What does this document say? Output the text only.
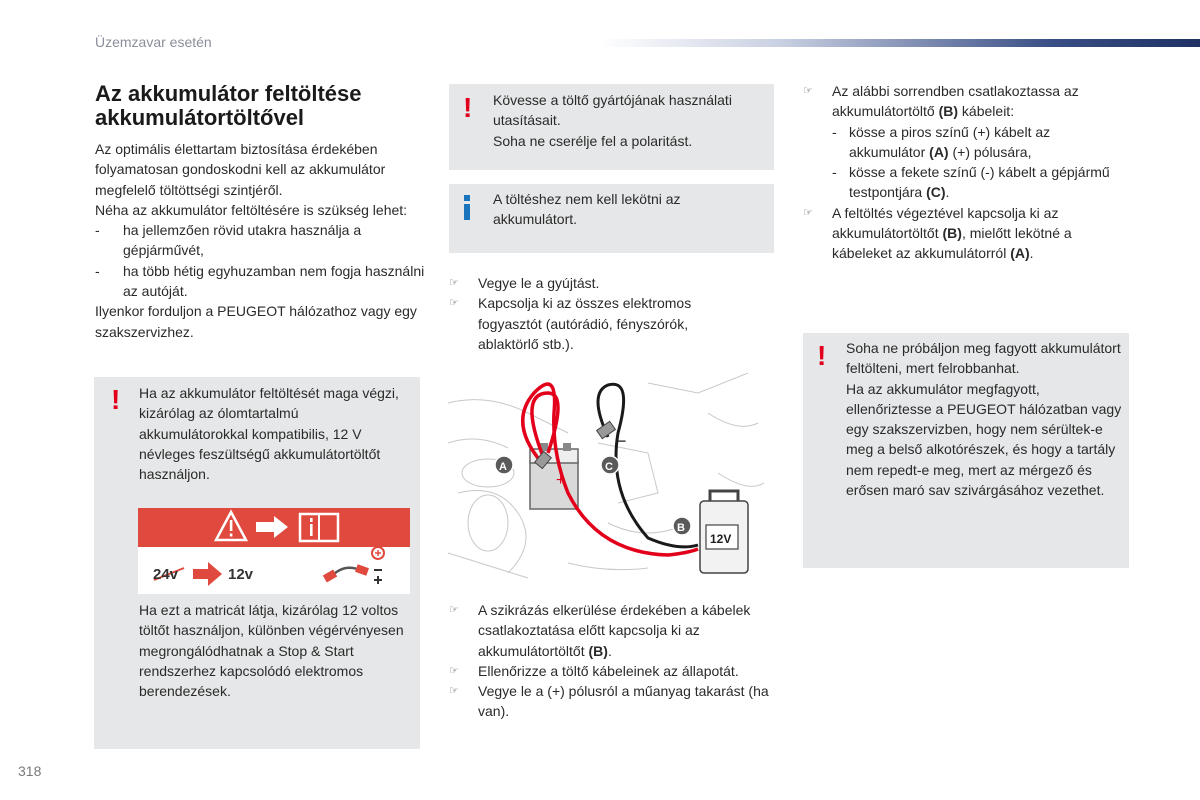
Üzemzavar esetén
Az akkumulátor feltöltése akkumulátortöltővel

Az optimális élettartam biztosítása érdekében folyamatosan gondoskodni kell az akkumulátor megfelelő töltöttségi szintjéről.

Néha az akkumulátor feltöltésére is szükség lehet:

- ha jellemzően rövid utakra használja a gépjárművét,
- ha több hétig egyhuzamban nem fogja használni az autóját.

Ilyenkor forduljon a PEUGEOT hálózathoz vagy egy szakszervizhez.

! Ha az akkumulátor feltöltését maga végzi, kizárólag az ólomtartalmú akkumulátorokkal kompatibilis, 12 V névleges feszültségű akkumulátortöltőt használjon.
Ha ezt a matricát látja, kizárólag 12 voltos töltőt használjon, különben végérvényesen megrongálódhatnak a Stop & Start rendszerhez kapcsolódó elektromos berendezések.
24v	12v
! Kövesse a töltő gyártójának használati utasításait.
Soha ne cserélje fel a polaritást.
A töltéshez nem kell lekötni az akkumulátort.
☞ Vegye le a gyújtást.
☞ Kapcsolja ki az összes elektromos fogyasztót (autórádió, fényszórók, ablaktörlő stb.).
+
−
12V
A	C
B
☞ A szikrázás elkerülése érdekében a kábelek csatlakoztatása előtt kapcsolja ki az akkumulátortöltőt (B).
☞ Ellenőrizze a töltő kábeleinek az állapotát.
☞ Vegye le a (+) pólusról a műanyag takarást (ha van).
☞ Az alábbi sorrendben csatlakoztassa az akkumulátortöltő (B) kábeleit:
- kösse a piros színű (+) kábelt az akkumulátor (A) (+) pólusára,
- kösse a fekete színű (-) kábelt a gépjármű testpontjára (C).
☞ A feltöltés végeztével kapcsolja ki az akkumulátortöltőt (B), mielőtt lekötné a kábeleket az akkumulátorról (A).
! Soha ne próbáljon meg fagyott akkumulátort feltölteni, mert felrobbanhat.
Ha az akkumulátor megfagyott, ellenőriztesse a PEUGEOT hálózatban vagy egy szakszervizben, hogy nem sérültek-e meg a belső alkotórészek, és hogy a tartály nem repedt-e meg, mert az mérgező és erősen maró sav szivárgásához vezethet.
318
